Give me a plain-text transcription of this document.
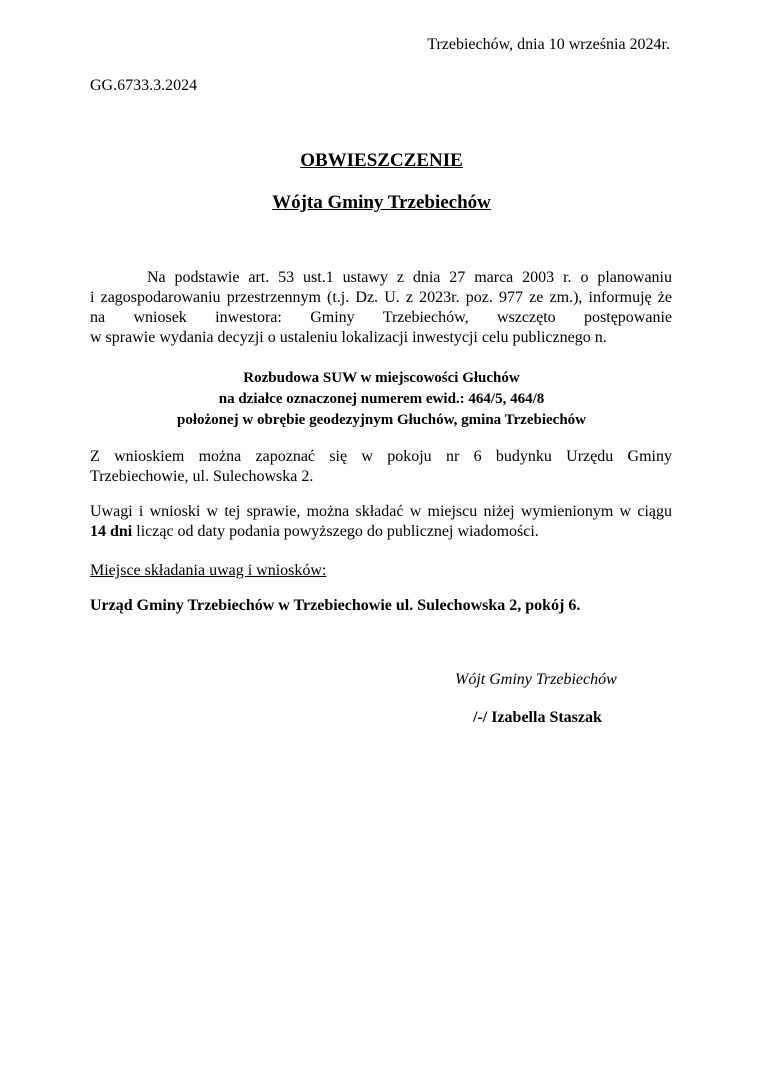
Trzebiechów, dnia 10 września 2024r.
GG.6733.3.2024
OBWIESZCZENIE
Wójta Gminy Trzebiechów
Na podstawie art. 53 ust.1 ustawy z dnia 27 marca 2003 r. o planowaniu
i zagospodarowaniu przestrzennym (t.j. Dz. U. z 2023r. poz. 977 ze zm.), informuję że
na wniosek inwestora: Gminy Trzebiechów, wszczęto postępowanie
w sprawie wydania decyzji o ustaleniu lokalizacji inwestycji celu publicznego n.
Rozbudowa SUW w miejscowości Głuchów
na działce oznaczonej numerem ewid.: 464/5, 464/8
położonej w obrębie geodezyjnym Głuchów, gmina Trzebiechów
Z wnioskiem można zapoznać się w pokoju nr 6 budynku Urzędu Gminy
Trzebiechowie, ul. Sulechowska 2.
Uwagi i wnioski w tej sprawie, można składać w miejscu niżej wymienionym w ciągu
14 dni licząc od daty podania powyższego do publicznej wiadomości.
Miejsce składania uwag i wniosków:
Urząd Gminy Trzebiechów w Trzebiechowie ul. Sulechowska 2, pokój 6.
Wójt Gminy Trzebiechów
/-/ Izabella Staszak
